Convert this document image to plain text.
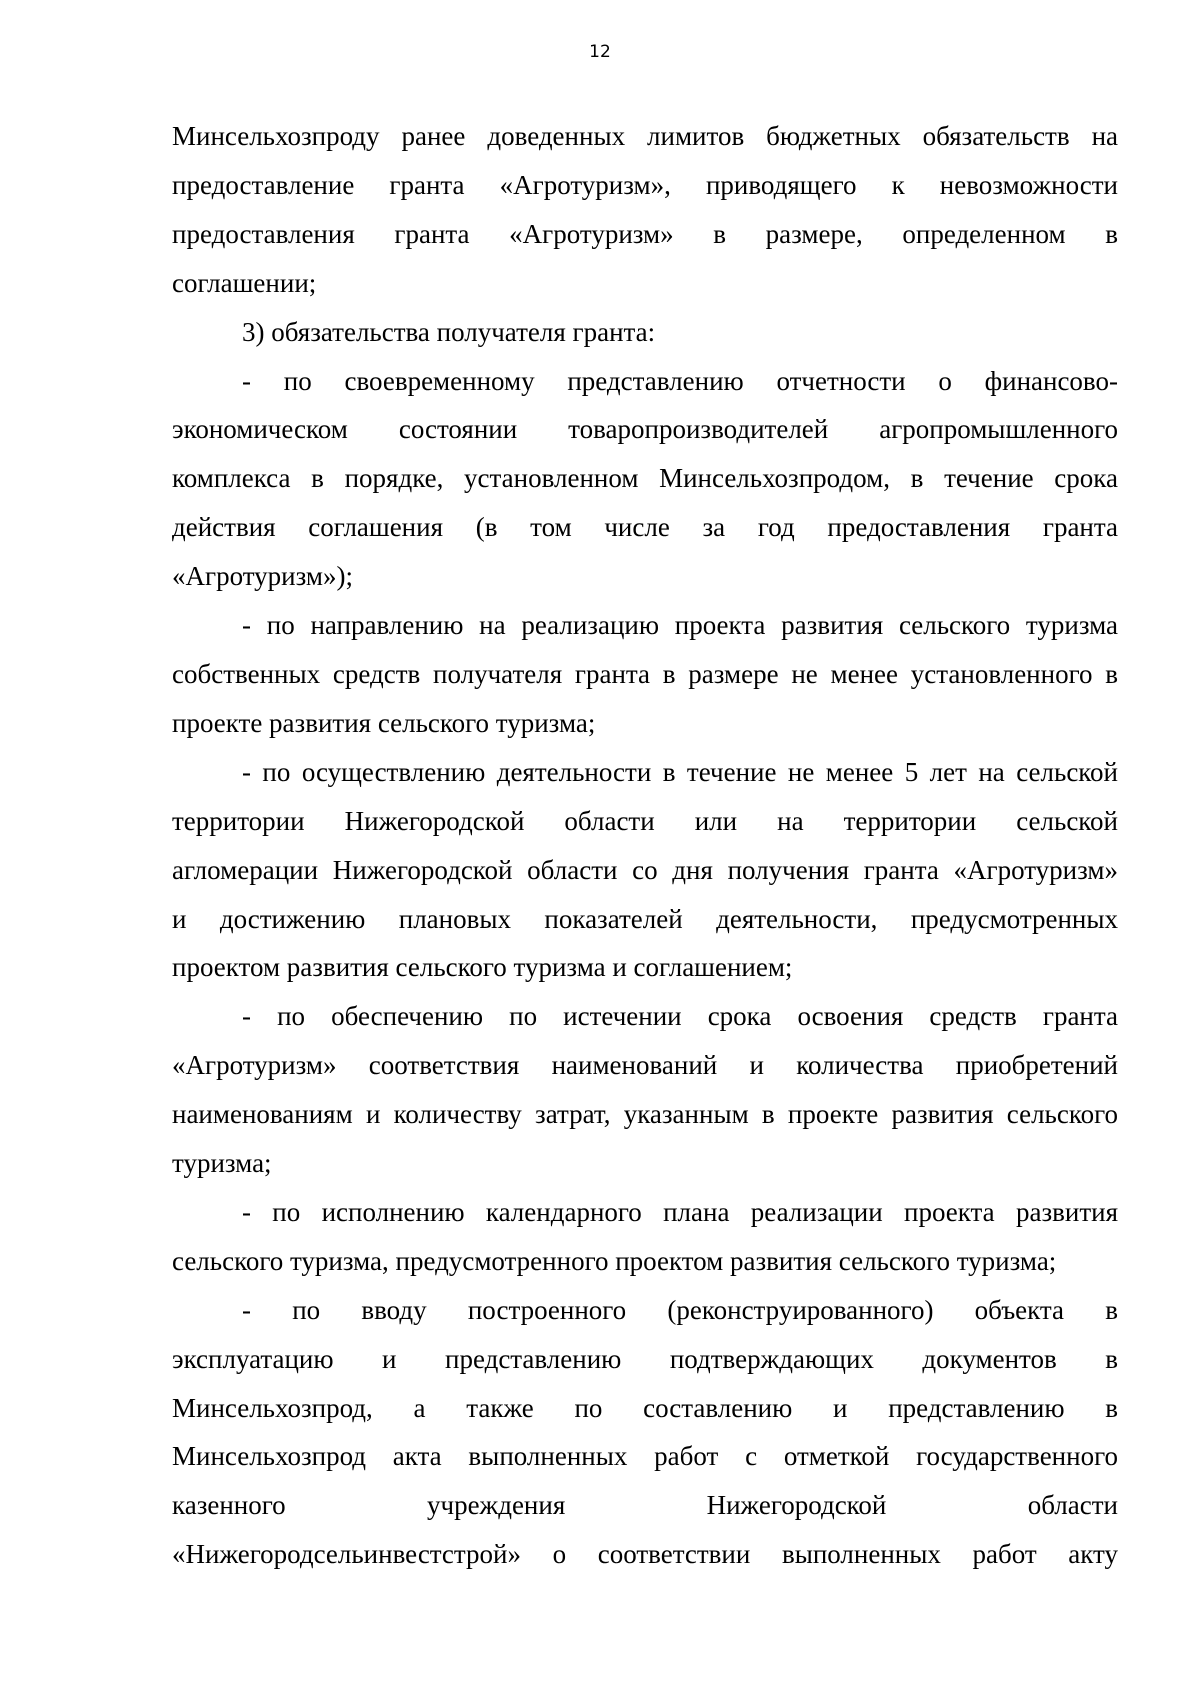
12
Минсельхозпроду ранее доведенных лимитов бюджетных обязательств на
предоставление гранта «Агротуризм», приводящего к невозможности
предоставления гранта «Агротуризм» в размере, определенном в
соглашении;
3) обязательства получателя гранта:
- по своевременному представлению отчетности о финансово-
экономическом состоянии товаропроизводителей агропромышленного
комплекса в порядке, установленном Минсельхозпродом, в течение срока
действия соглашения (в том числе за год предоставления гранта
«Агротуризм»);
- по направлению на реализацию проекта развития сельского туризма
собственных средств получателя гранта в размере не менее установленного в
проекте развития сельского туризма;
- по осуществлению деятельности в течение не менее 5 лет на сельской
территории Нижегородской области или на территории сельской
агломерации Нижегородской области со дня получения гранта «Агротуризм»
и достижению плановых показателей деятельности, предусмотренных
проектом развития сельского туризма и соглашением;
- по обеспечению по истечении срока освоения средств гранта
«Агротуризм» соответствия наименований и количества приобретений
наименованиям и количеству затрат, указанным в проекте развития сельского
туризма;
- по исполнению календарного плана реализации проекта развития
сельского туризма, предусмотренного проектом развития сельского туризма;
- по вводу построенного (реконструированного) объекта в
эксплуатацию и представлению подтверждающих документов в
Минсельхозпрод, а также по составлению и представлению в
Минсельхозпрод акта выполненных работ с отметкой государственного
казенного учреждения Нижегородской области
«Нижегородсельинвестстрой» о соответствии выполненных работ акту
